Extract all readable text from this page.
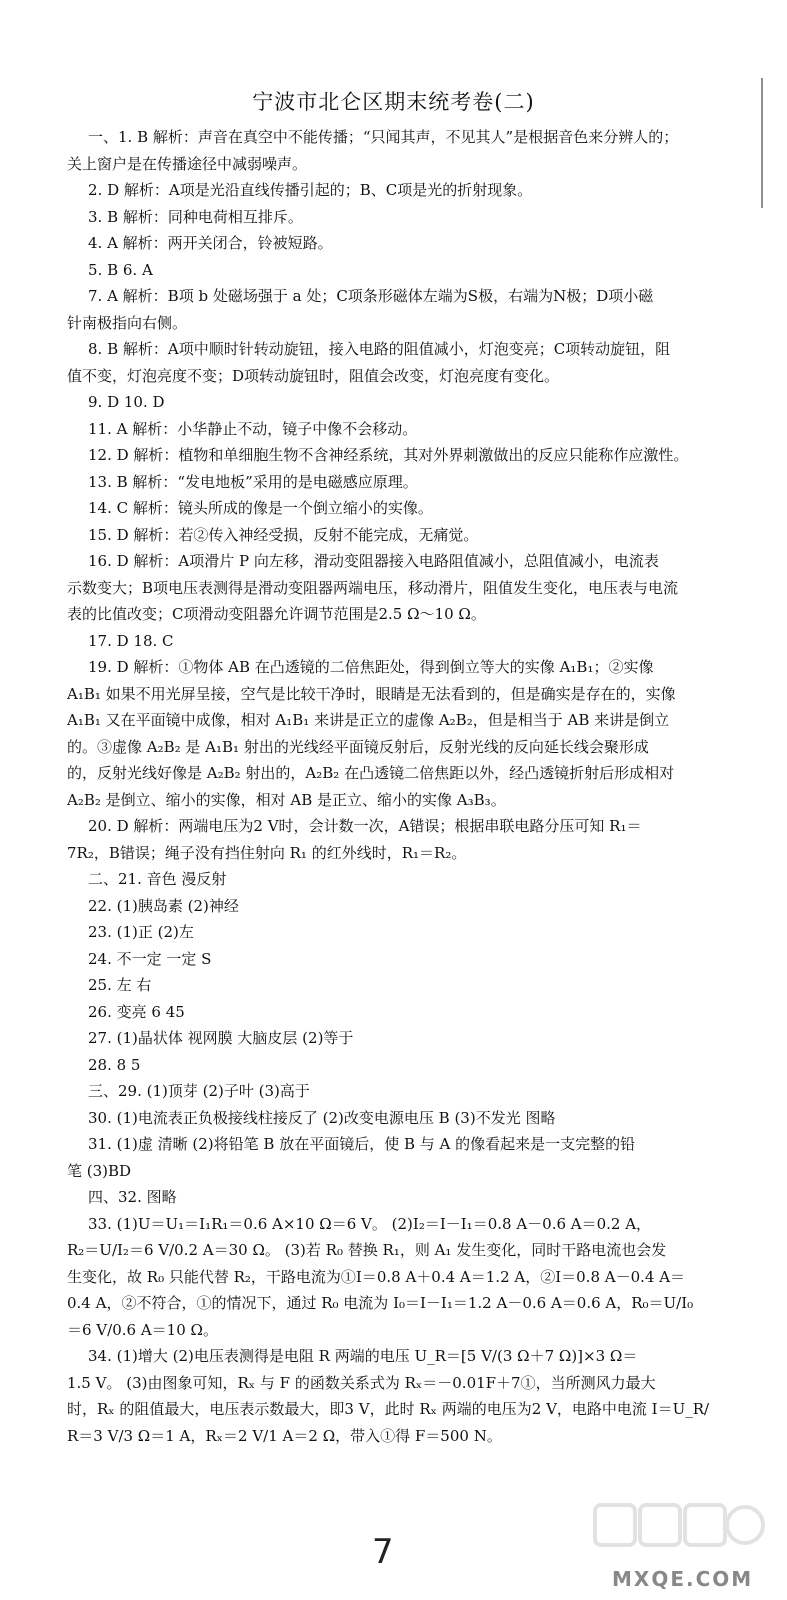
宁波市北仑区期末统考卷(二)
一、1. B 解析：声音在真空中不能传播；“只闻其声，不见其人”是根据音色来分辨人的；
关上窗户是在传播途径中减弱噪声。
2. D 解析：A项是光沿直线传播引起的；B、C项是光的折射现象。
3. B 解析：同种电荷相互排斥。
4. A 解析：两开关闭合，铃被短路。
5. B 6. A
7. A 解析：B项 b 处磁场强于 a 处；C项条形磁体左端为S极，右端为N极；D项小磁
针南极指向右侧。
8. B 解析：A项中顺时针转动旋钮，接入电路的阻值减小，灯泡变亮；C项转动旋钮，阻
值不变，灯泡亮度不变；D项转动旋钮时，阻值会改变，灯泡亮度有变化。
9. D 10. D
11. A 解析：小华静止不动，镜子中像不会移动。
12. D 解析：植物和单细胞生物不含神经系统，其对外界刺激做出的反应只能称作应激性。
13. B 解析：“发电地板”采用的是电磁感应原理。
14. C 解析：镜头所成的像是一个倒立缩小的实像。
15. D 解析：若②传入神经受损，反射不能完成，无痛觉。
16. D 解析：A项滑片 P 向左移，滑动变阻器接入电路阻值减小，总阻值减小，电流表
示数变大；B项电压表测得是滑动变阻器两端电压，移动滑片，阻值发生变化，电压表与电流
表的比值改变；C项滑动变阻器允许调节范围是2.5 Ω～10 Ω。
17. D 18. C
19. D 解析：①物体 AB 在凸透镜的二倍焦距处，得到倒立等大的实像 A₁B₁；②实像
A₁B₁ 如果不用光屏呈接，空气是比较干净时，眼睛是无法看到的，但是确实是存在的，实像
A₁B₁ 又在平面镜中成像，相对 A₁B₁ 来讲是正立的虚像 A₂B₂，但是相当于 AB 来讲是倒立
的。③虚像 A₂B₂ 是 A₁B₁ 射出的光线经平面镜反射后，反射光线的反向延长线会聚形成
的，反射光线好像是 A₂B₂ 射出的，A₂B₂ 在凸透镜二倍焦距以外，经凸透镜折射后形成相对
A₂B₂ 是倒立、缩小的实像，相对 AB 是正立、缩小的实像 A₃B₃。
20. D 解析：两端电压为2 V时，会计数一次，A错误；根据串联电路分压可知 R₁＝
7R₂，B错误；绳子没有挡住射向 R₁ 的红外线时，R₁＝R₂。
二、21. 音色 漫反射
22. (1)胰岛素 (2)神经
23. (1)正 (2)左
24. 不一定 一定 S
25. 左 右
26. 变亮 6 45
27. (1)晶状体 视网膜 大脑皮层 (2)等于
28. 8 5
三、29. (1)顶芽 (2)子叶 (3)高于
30. (1)电流表正负极接线柱接反了 (2)改变电源电压 B (3)不发光 图略
31. (1)虚 清晰 (2)将铅笔 B 放在平面镜后，使 B 与 A 的像看起来是一支完整的铅
笔 (3)BD
四、32. 图略
33. (1)U＝U₁＝I₁R₁＝0.6 A×10 Ω＝6 V。 (2)I₂＝I－I₁＝0.8 A－0.6 A＝0.2 A，
R₂＝U/I₂＝6 V/0.2 A＝30 Ω。 (3)若 R₀ 替换 R₁，则 A₁ 发生变化，同时干路电流也会发
生变化，故 R₀ 只能代替 R₂，干路电流为①I＝0.8 A＋0.4 A＝1.2 A，②I＝0.8 A－0.4 A＝
0.4 A，②不符合，①的情况下，通过 R₀ 电流为 I₀＝I－I₁＝1.2 A－0.6 A＝0.6 A，R₀＝U/I₀
＝6 V/0.6 A＝10 Ω。
34. (1)增大 (2)电压表测得是电阻 R 两端的电压 U_R＝[5 V/(3 Ω＋7 Ω)]×3 Ω＝
1.5 V。 (3)由图象可知，Rₓ 与 F 的函数关系式为 Rₓ＝－0.01F＋7①，当所测风力最大
时，Rₓ 的阻值最大，电压表示数最大，即3 V，此时 Rₓ 两端的电压为2 V，电路中电流 I＝U_R/
R＝3 V/3 Ω＝1 A，Rₓ＝2 V/1 A＝2 Ω，带入①得 F＝500 N。
7
MXQE.COM
